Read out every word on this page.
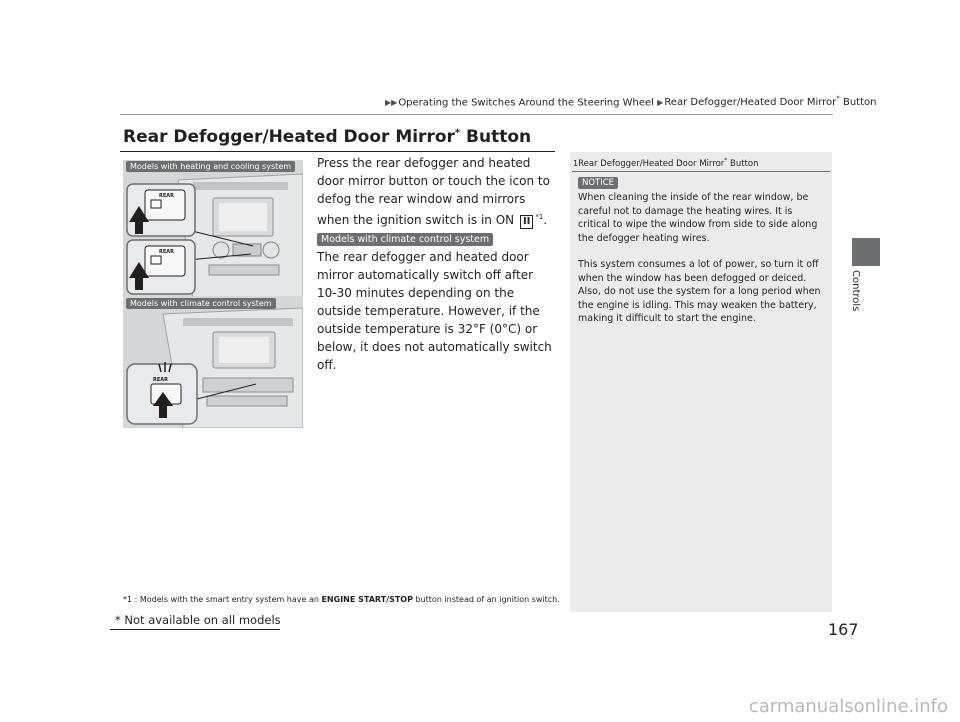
▶▶Operating the Switches Around the Steering Wheel ▶Rear Defogger/Heated Door Mirror* Button
Controls
167
Rear Defogger/Heated Door Mirror* Button
REAR
REAR
Models with heating and cooling system
REAR
Models with climate control system
Press the rear defogger and heated door mirror button or touch the icon to defog the rear window and mirrors when the ignition switch is in ON II $^{*1}$.
Models with climate control system
The rear defogger and heated door mirror automatically switch off after 10-30 minutes depending on the outside temperature. However, if the outside temperature is 32°F (0°C) or below, it does not automatically switch off.
*1 : Models with the smart entry system have an ENGINE START/STOP button instead of an ignition switch.
1Rear Defogger/Heated Door Mirror* Button
NOTICE
When cleaning the inside of the rear window, be careful not to damage the heating wires. It is critical to wipe the window from side to side along the defogger heating wires.
This system consumes a lot of power, so turn it off when the window has been defogged or deiced. Also, do not use the system for a long period when the engine is idling. This may weaken the battery, making it difficult to start the engine.
* Not available on all models
carmanualsonline.info
